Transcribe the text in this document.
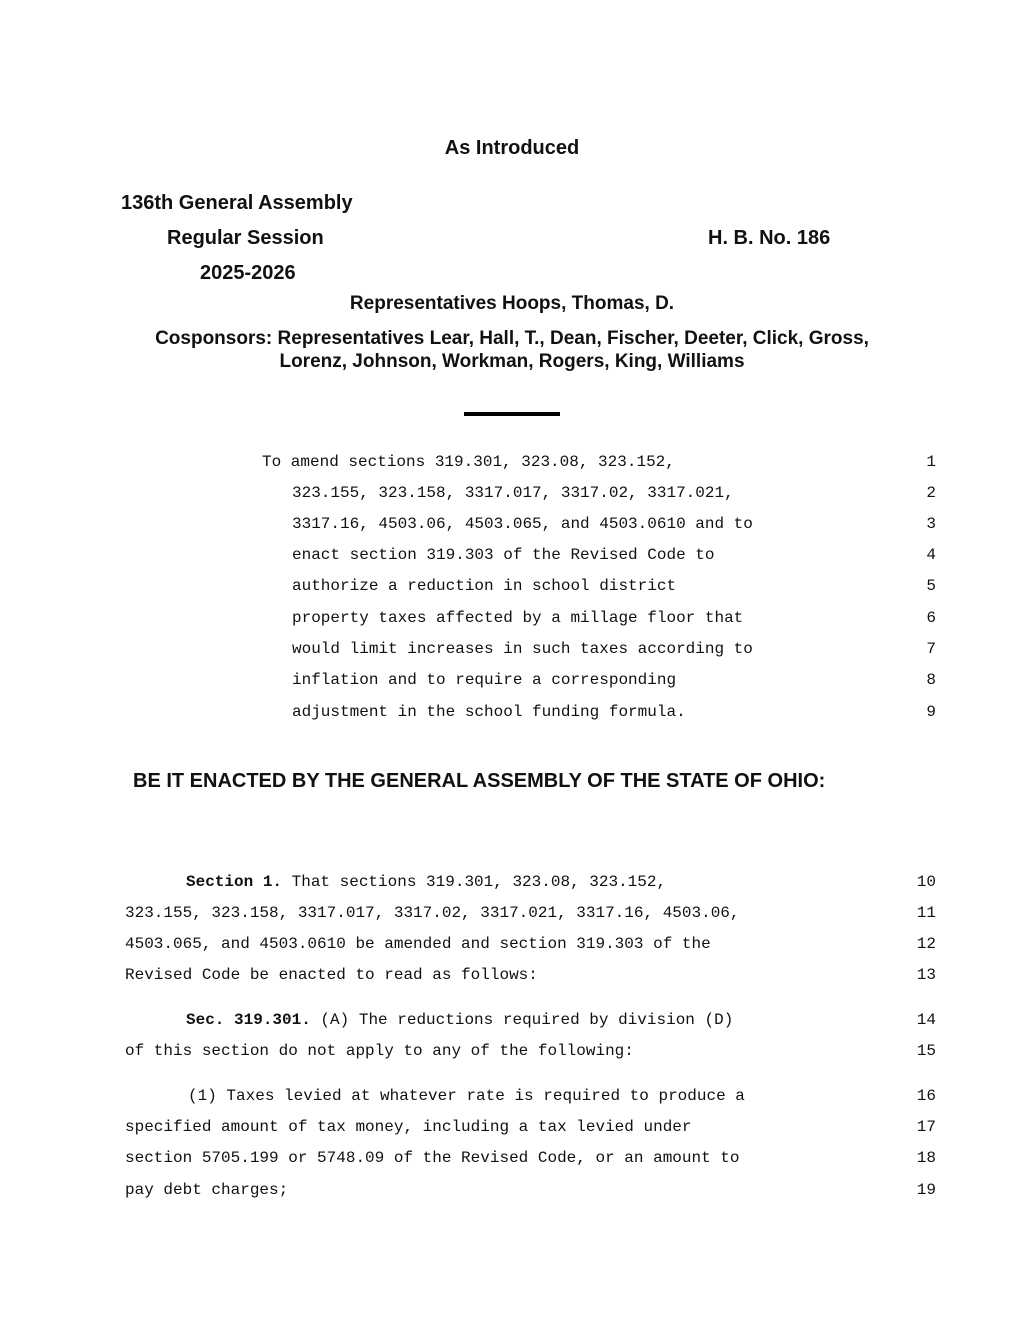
As Introduced
136th General Assembly
Regular Session	H. B. No. 186
2025-2026
Representatives Hoops, Thomas, D.
Cosponsors: Representatives Lear, Hall, T., Dean, Fischer, Deeter, Click, Gross,
Lorenz, Johnson, Workman, Rogers, King, Williams
To amend sections 319.301, 323.08, 323.152,
323.155, 323.158, 3317.017, 3317.02, 3317.021,
3317.16, 4503.06, 4503.065, and 4503.0610 and to
enact section 319.303 of the Revised Code to
authorize a reduction in school district
property taxes affected by a millage floor that
would limit increases in such taxes according to
inflation and to require a corresponding
adjustment in the school funding formula.
1
2
3
4
5
6
7
8
9
BE IT ENACTED BY THE GENERAL ASSEMBLY OF THE STATE OF OHIO:
Section 1. That sections 319.301, 323.08, 323.152,
323.155, 323.158, 3317.017, 3317.02, 3317.021, 3317.16, 4503.06,
4503.065, and 4503.0610 be amended and section 319.303 of the
Revised Code be enacted to read as follows:
10
11
12
13
Sec. 319.301. (A) The reductions required by division (D)
of this section do not apply to any of the following:
14
15
(1) Taxes levied at whatever rate is required to produce a
specified amount of tax money, including a tax levied under
section 5705.199 or 5748.09 of the Revised Code, or an amount to
pay debt charges;
16
17
18
19
